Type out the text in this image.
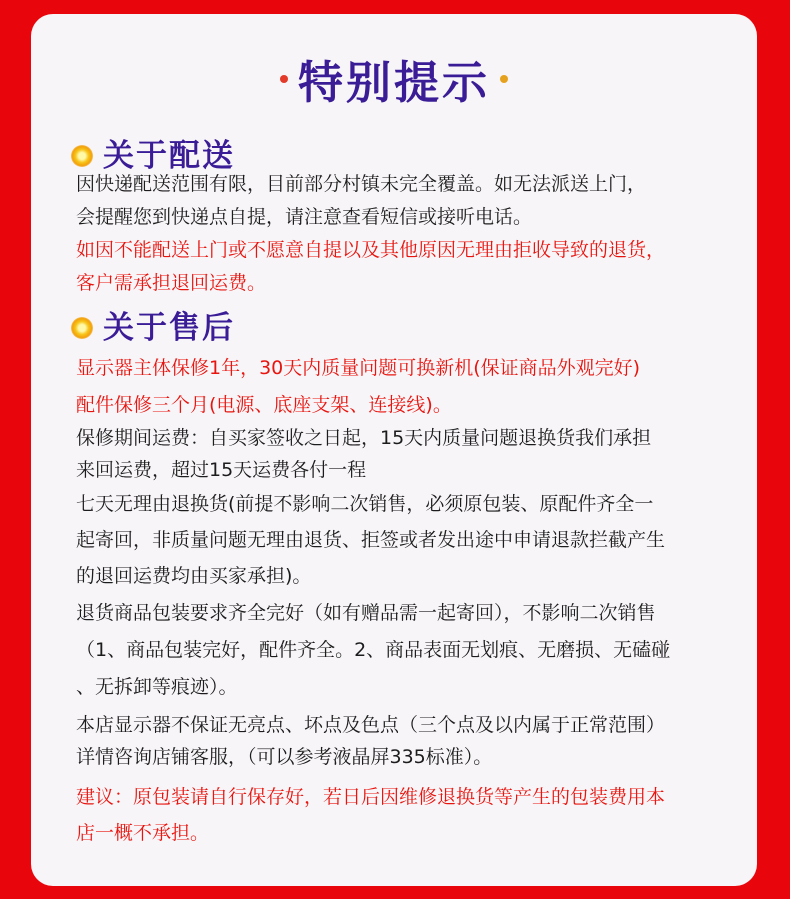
特别提示
关于配送
因快递配送范围有限，目前部分村镇未完全覆盖。如无法派送上门，
会提醒您到快递点自提，请注意查看短信或接听电话。
如因不能配送上门或不愿意自提以及其他原因无理由拒收导致的退货，
客户需承担退回运费。
关于售后
显示器主体保修1年，30天内质量问题可换新机(保证商品外观完好)
配件保修三个月(电源、底座支架、连接线)。
保修期间运费：自买家签收之日起，15天内质量问题退换货我们承担
来回运费，超过15天运费各付一程
七天无理由退换货(前提不影响二次销售，必须原包装、原配件齐全一
起寄回，非质量问题无理由退货、拒签或者发出途中申请退款拦截产生
的退回运费均由买家承担)。
退货商品包装要求齐全完好（如有赠品需一起寄回），不影响二次销售
（1、商品包装完好，配件齐全。2、商品表面无划痕、无磨损、无磕碰
、无拆卸等痕迹）。
本店显示器不保证无亮点、坏点及色点（三个点及以内属于正常范围）
详情咨询店铺客服，（可以参考液晶屏335标准）。
建议：原包装请自行保存好，若日后因维修退换货等产生的包装费用本
店一概不承担。
